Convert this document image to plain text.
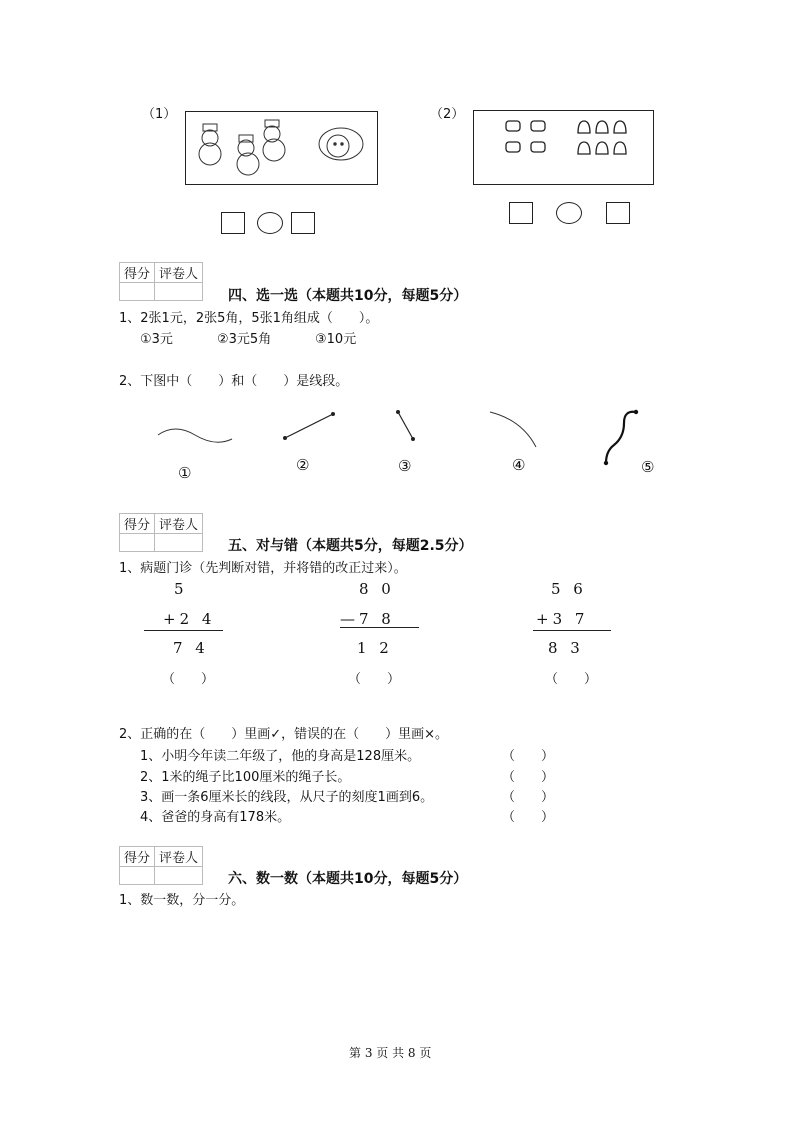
（1）	（2）
得分	评卷人

四、选一选（本题共10分，每题5分）
1、2张1元，2张5角，5张1角组成（　　）。
①3元	②3元5角	③10元
2、下图中（　　）和（　　）是线段。
①	②	③	④	⑤
得分	评卷人

五、对与错（本题共5分，每题2.5分）
1、病题门诊（先判断对错，并将错的改正过来）。
5
+2 4
7 4
（　　）
8 0
—7 8
1 2
（　　）
5 6
+3 7
8 3
（　　）
2、正确的在（　　）里画✓，错误的在（　　）里画×。
1、小明今年读二年级了，他的身高是128厘米。	（　　）
2、1米的绳子比100厘米的绳子长。	（　　）
3、画一条6厘米长的线段，从尺子的刻度1画到6。	（　　）
4、爸爸的身高有178米。	（　　）
得分	评卷人

六、数一数（本题共10分，每题5分）
1、数一数，分一分。
第 3 页 共 8 页
